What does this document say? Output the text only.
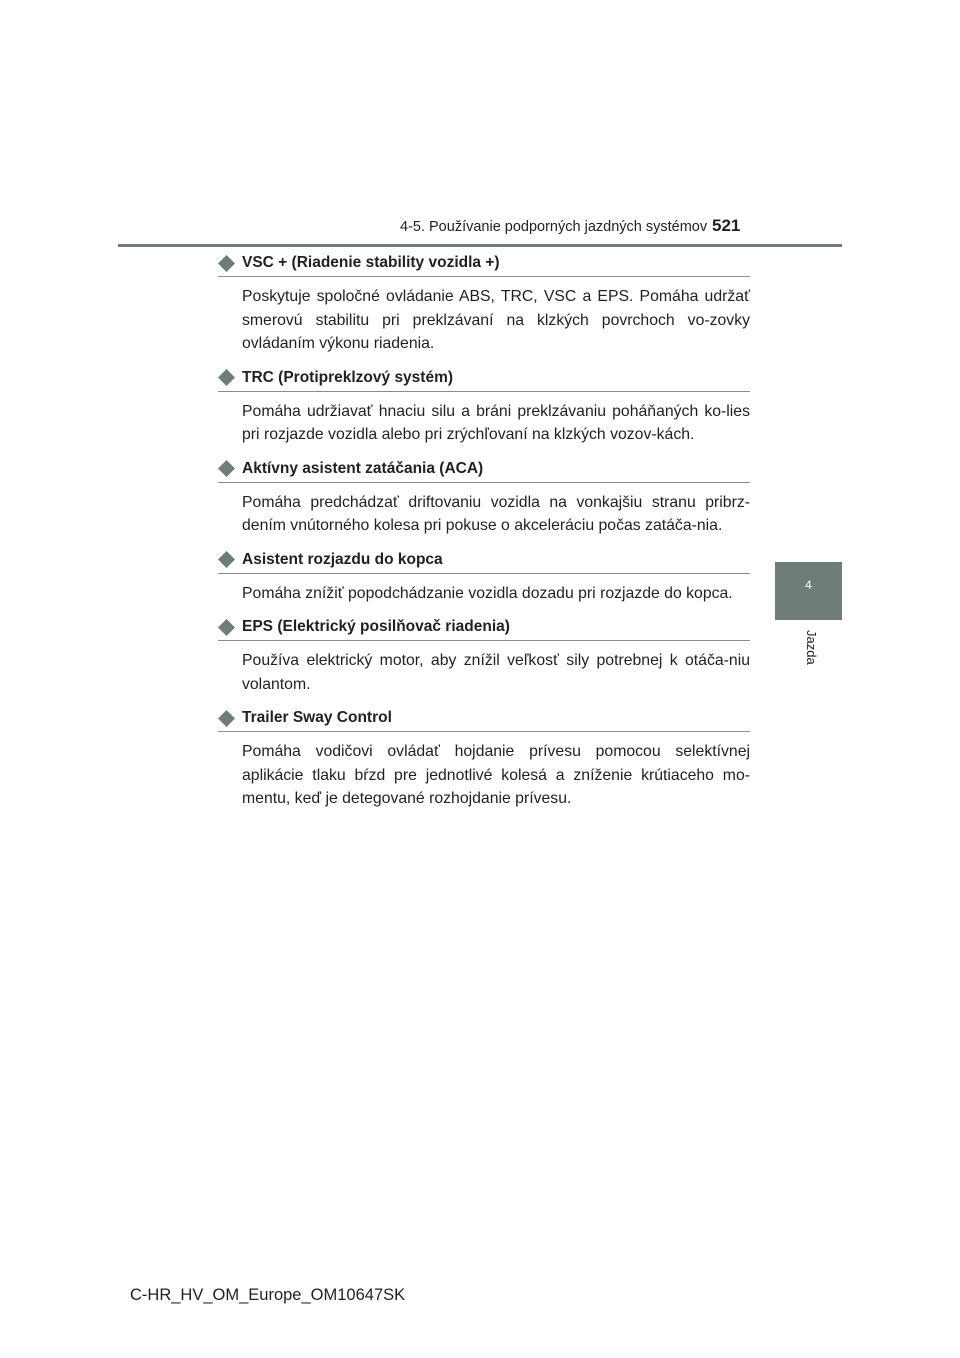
4-5. Používanie podporných jazdných systémov 521
4
Jazda
VSC + (Riadenie stability vozidla +)

Poskytuje spoločné ovládanie ABS, TRC, VSC a EPS. Pomáha udržať smerovú stabilitu pri preklzávaní na klzkých povrchoch vo-zovky ovládaním výkonu riadenia.

TRC (Protipreklzový systém)

Pomáha udržiavať hnaciu silu a bráni preklzávaniu poháňaných ko-lies pri rozjazde vozidla alebo pri zrýchľovaní na klzkých vozov-kách.

Aktívny asistent zatáčania (ACA)

Pomáha predchádzať driftovaniu vozidla na vonkajšiu stranu pribrz-dením vnútorného kolesa pri pokuse o akceleráciu počas zatáča-nia.

Asistent rozjazdu do kopca

Pomáha znížiť popodchádzanie vozidla dozadu pri rozjazde do kopca.

EPS (Elektrický posilňovač riadenia)

Používa elektrický motor, aby znížil veľkosť sily potrebnej k otáča-niu volantom.

Trailer Sway Control

Pomáha vodičovi ovládať hojdanie prívesu pomocou selektívnej aplikácie tlaku bŕzd pre jednotlivé kolesá a zníženie krútiaceho mo-mentu, keď je detegované rozhojdanie prívesu.

C-HR_HV_OM_Europe_OM10647SK
